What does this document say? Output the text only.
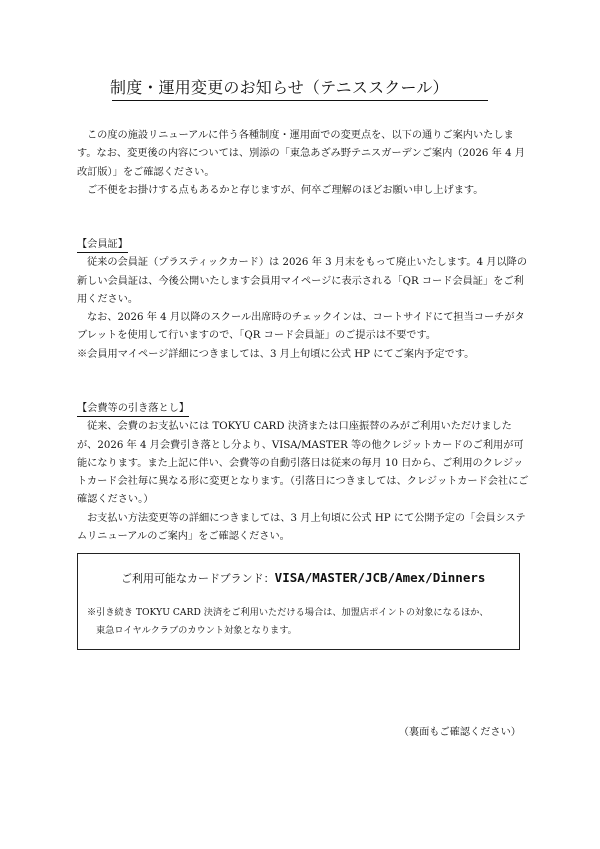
制度・運用変更のお知らせ（テニススクール）

この度の施設リニューアルに伴う各種制度・運用面での変更点を、以下の通りご案内いたします。なお、変更後の内容については、別添の「東急あざみ野テニスガーデンご案内（2026 年 4 月改訂版）」をご確認ください。

ご不便をお掛けする点もあるかと存じますが、何卒ご理解のほどお願い申し上げます。

【会員証】

従来の会員証（プラスティックカード）は 2026 年 3 月末をもって廃止いたします。4 月以降の新しい会員証は、今後公開いたします会員用マイページに表示される「QR コード会員証」をご利用ください。

なお、2026 年 4 月以降のスクール出席時のチェックインは、コートサイドにて担当コーチがタブレットを使用して行いますので、「QR コード会員証」のご提示は不要です。

※会員用マイページ詳細につきましては、3 月上旬頃に公式 HP にてご案内予定です。

【会費等の引き落とし】

従来、会費のお支払いには TOKYU CARD 決済または口座振替のみがご利用いただけましたが、2026 年 4 月会費引き落とし分より、VISA/MASTER 等の他クレジットカードのご利用が可能になります。また上記に伴い、会費等の自動引落日は従来の毎月 10 日から、ご利用のクレジットカード会社毎に異なる形に変更となります。（引落日につきましては、クレジットカード会社にご確認ください。）

お支払い方法変更等の詳細につきましては、3 月上旬頃に公式 HP にて公開予定の「会員システムリニューアルのご案内」をご確認ください。

ご利用可能なカードブランド：VISA/MASTER/JCB/Amex/Dinners
※引き続き TOKYU CARD 決済をご利用いただける場合は、加盟店ポイントの対象になるほか、
東急ロイヤルクラブのカウント対象となります。
（裏面もご確認ください）
